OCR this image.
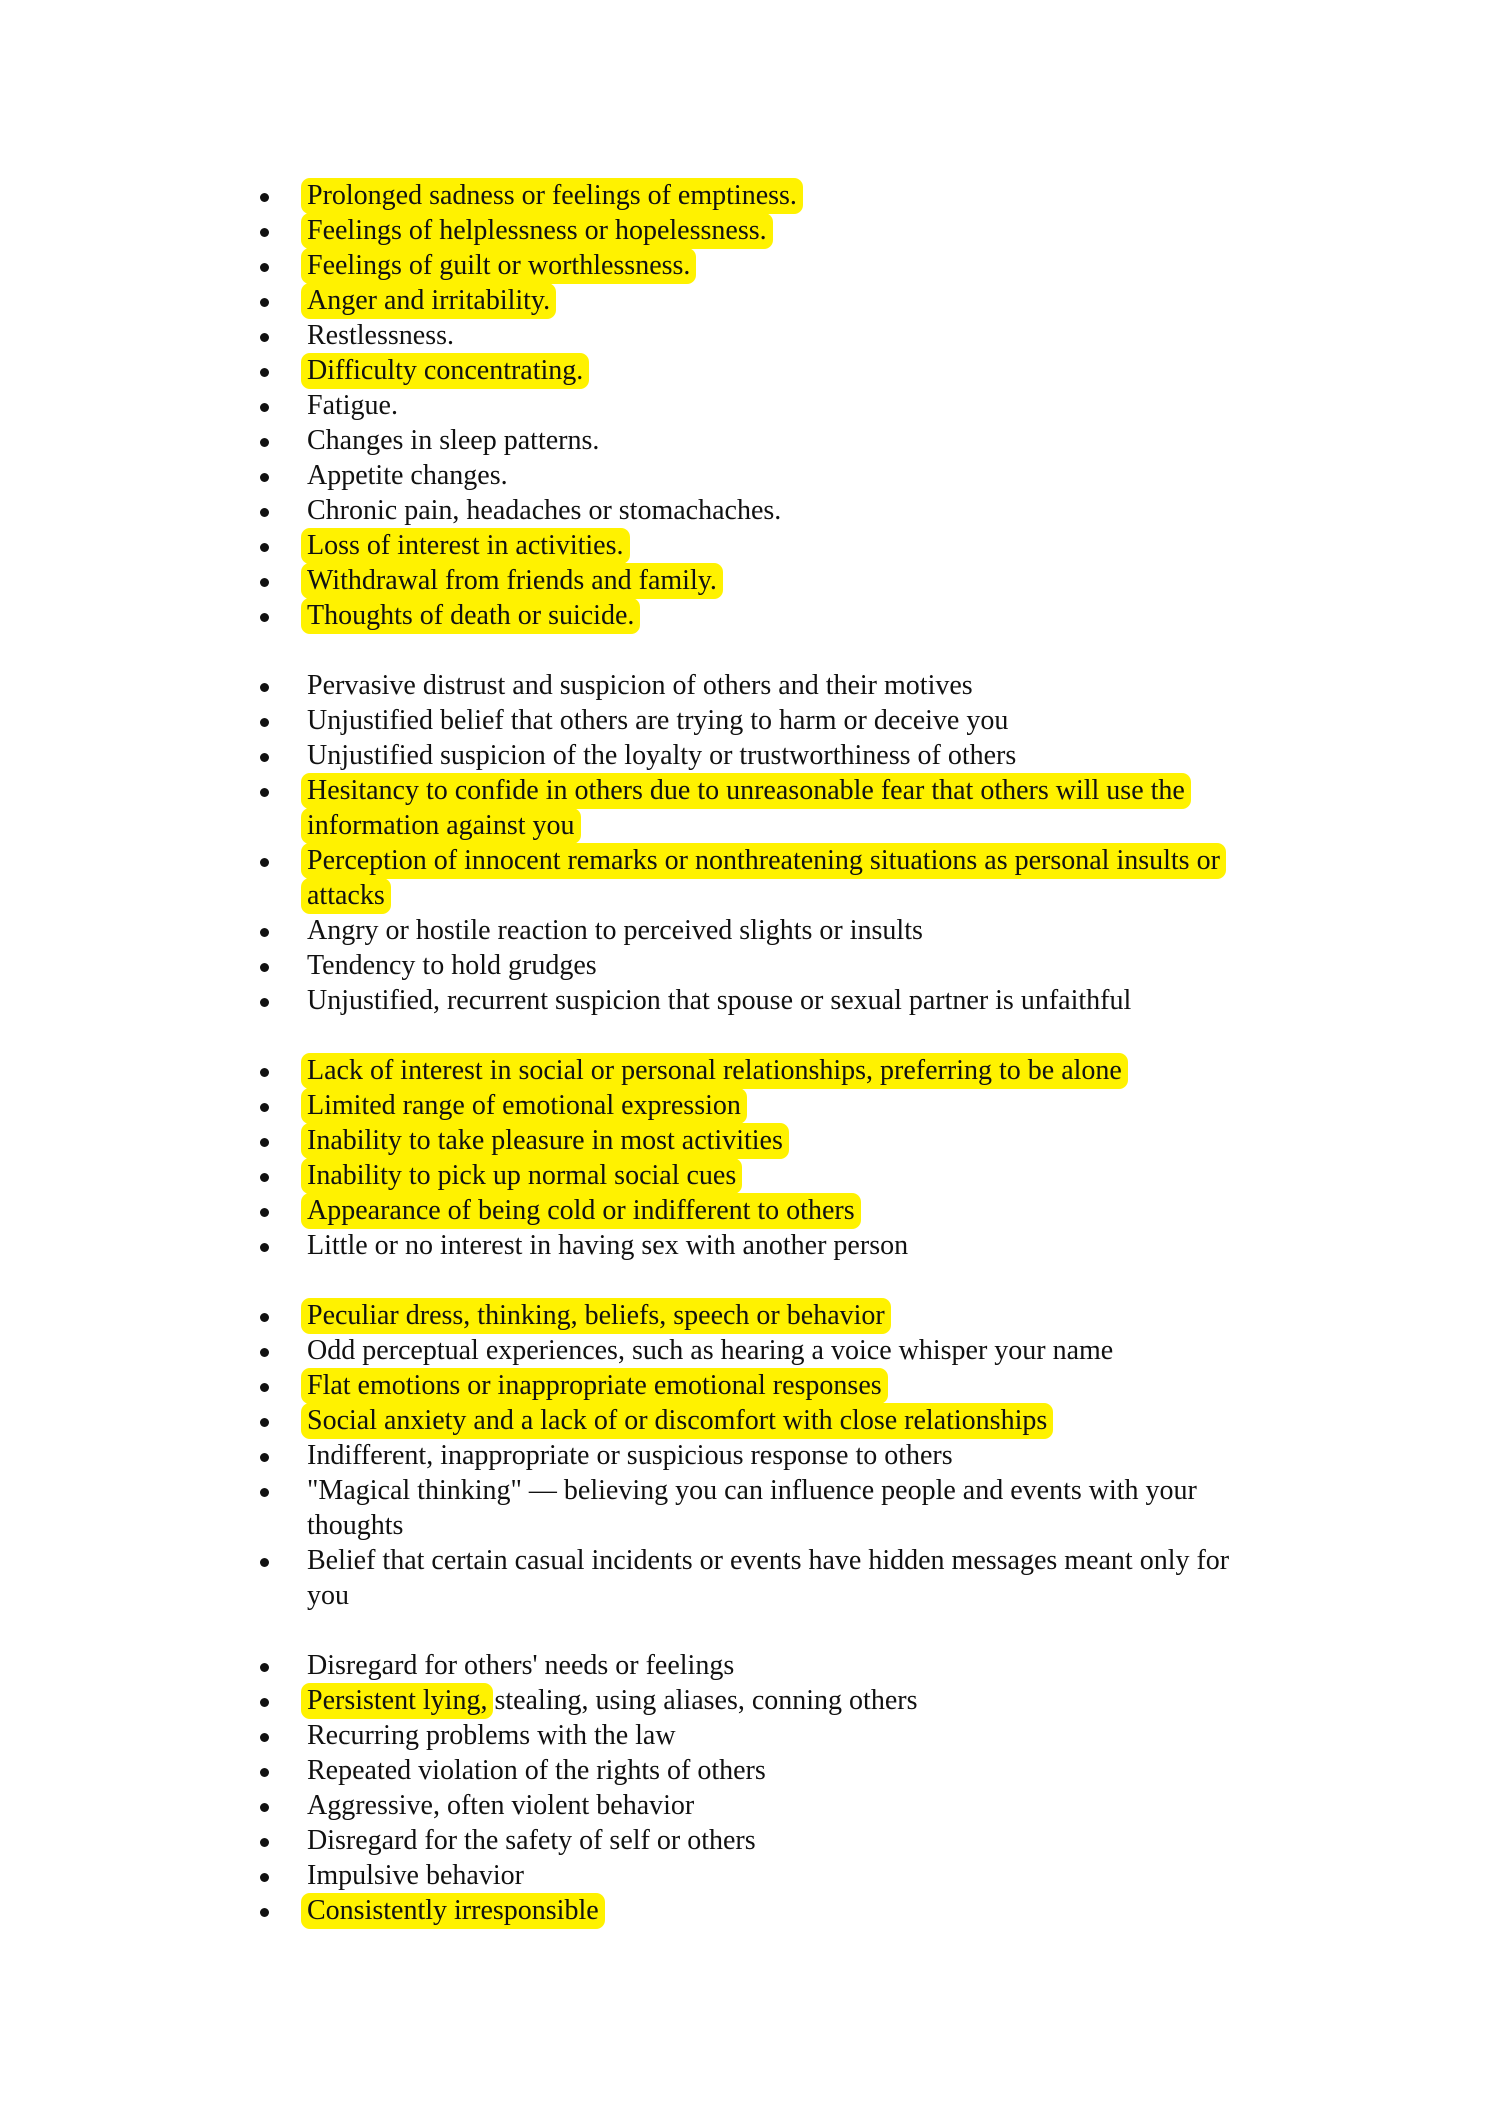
Prolonged sadness or feelings of emptiness.
Feelings of helplessness or hopelessness.
Feelings of guilt or worthlessness.
Anger and irritability.
Restlessness.
Difficulty concentrating.
Fatigue.
Changes in sleep patterns.
Appetite changes.
Chronic pain, headaches or stomachaches.
Loss of interest in activities.
Withdrawal from friends and family.
Thoughts of death or suicide.
Pervasive distrust and suspicion of others and their motives
Unjustified belief that others are trying to harm or deceive you
Unjustified suspicion of the loyalty or trustworthiness of others
Hesitancy to confide in others due to unreasonable fear that others will use the information against you
Perception of innocent remarks or nonthreatening situations as personal insults or attacks
Angry or hostile reaction to perceived slights or insults
Tendency to hold grudges
Unjustified, recurrent suspicion that spouse or sexual partner is unfaithful
Lack of interest in social or personal relationships, preferring to be alone
Limited range of emotional expression
Inability to take pleasure in most activities
Inability to pick up normal social cues
Appearance of being cold or indifferent to others
Little or no interest in having sex with another person
Peculiar dress, thinking, beliefs, speech or behavior
Odd perceptual experiences, such as hearing a voice whisper your name
Flat emotions or inappropriate emotional responses
Social anxiety and a lack of or discomfort with close relationships
Indifferent, inappropriate or suspicious response to others
"Magical thinking" — believing you can influence people and events with your thoughts
Belief that certain casual incidents or events have hidden messages meant only for you
Disregard for others' needs or feelings
Persistent lying, stealing, using aliases, conning others
Recurring problems with the law
Repeated violation of the rights of others
Aggressive, often violent behavior
Disregard for the safety of self or others
Impulsive behavior
Consistently irresponsible
